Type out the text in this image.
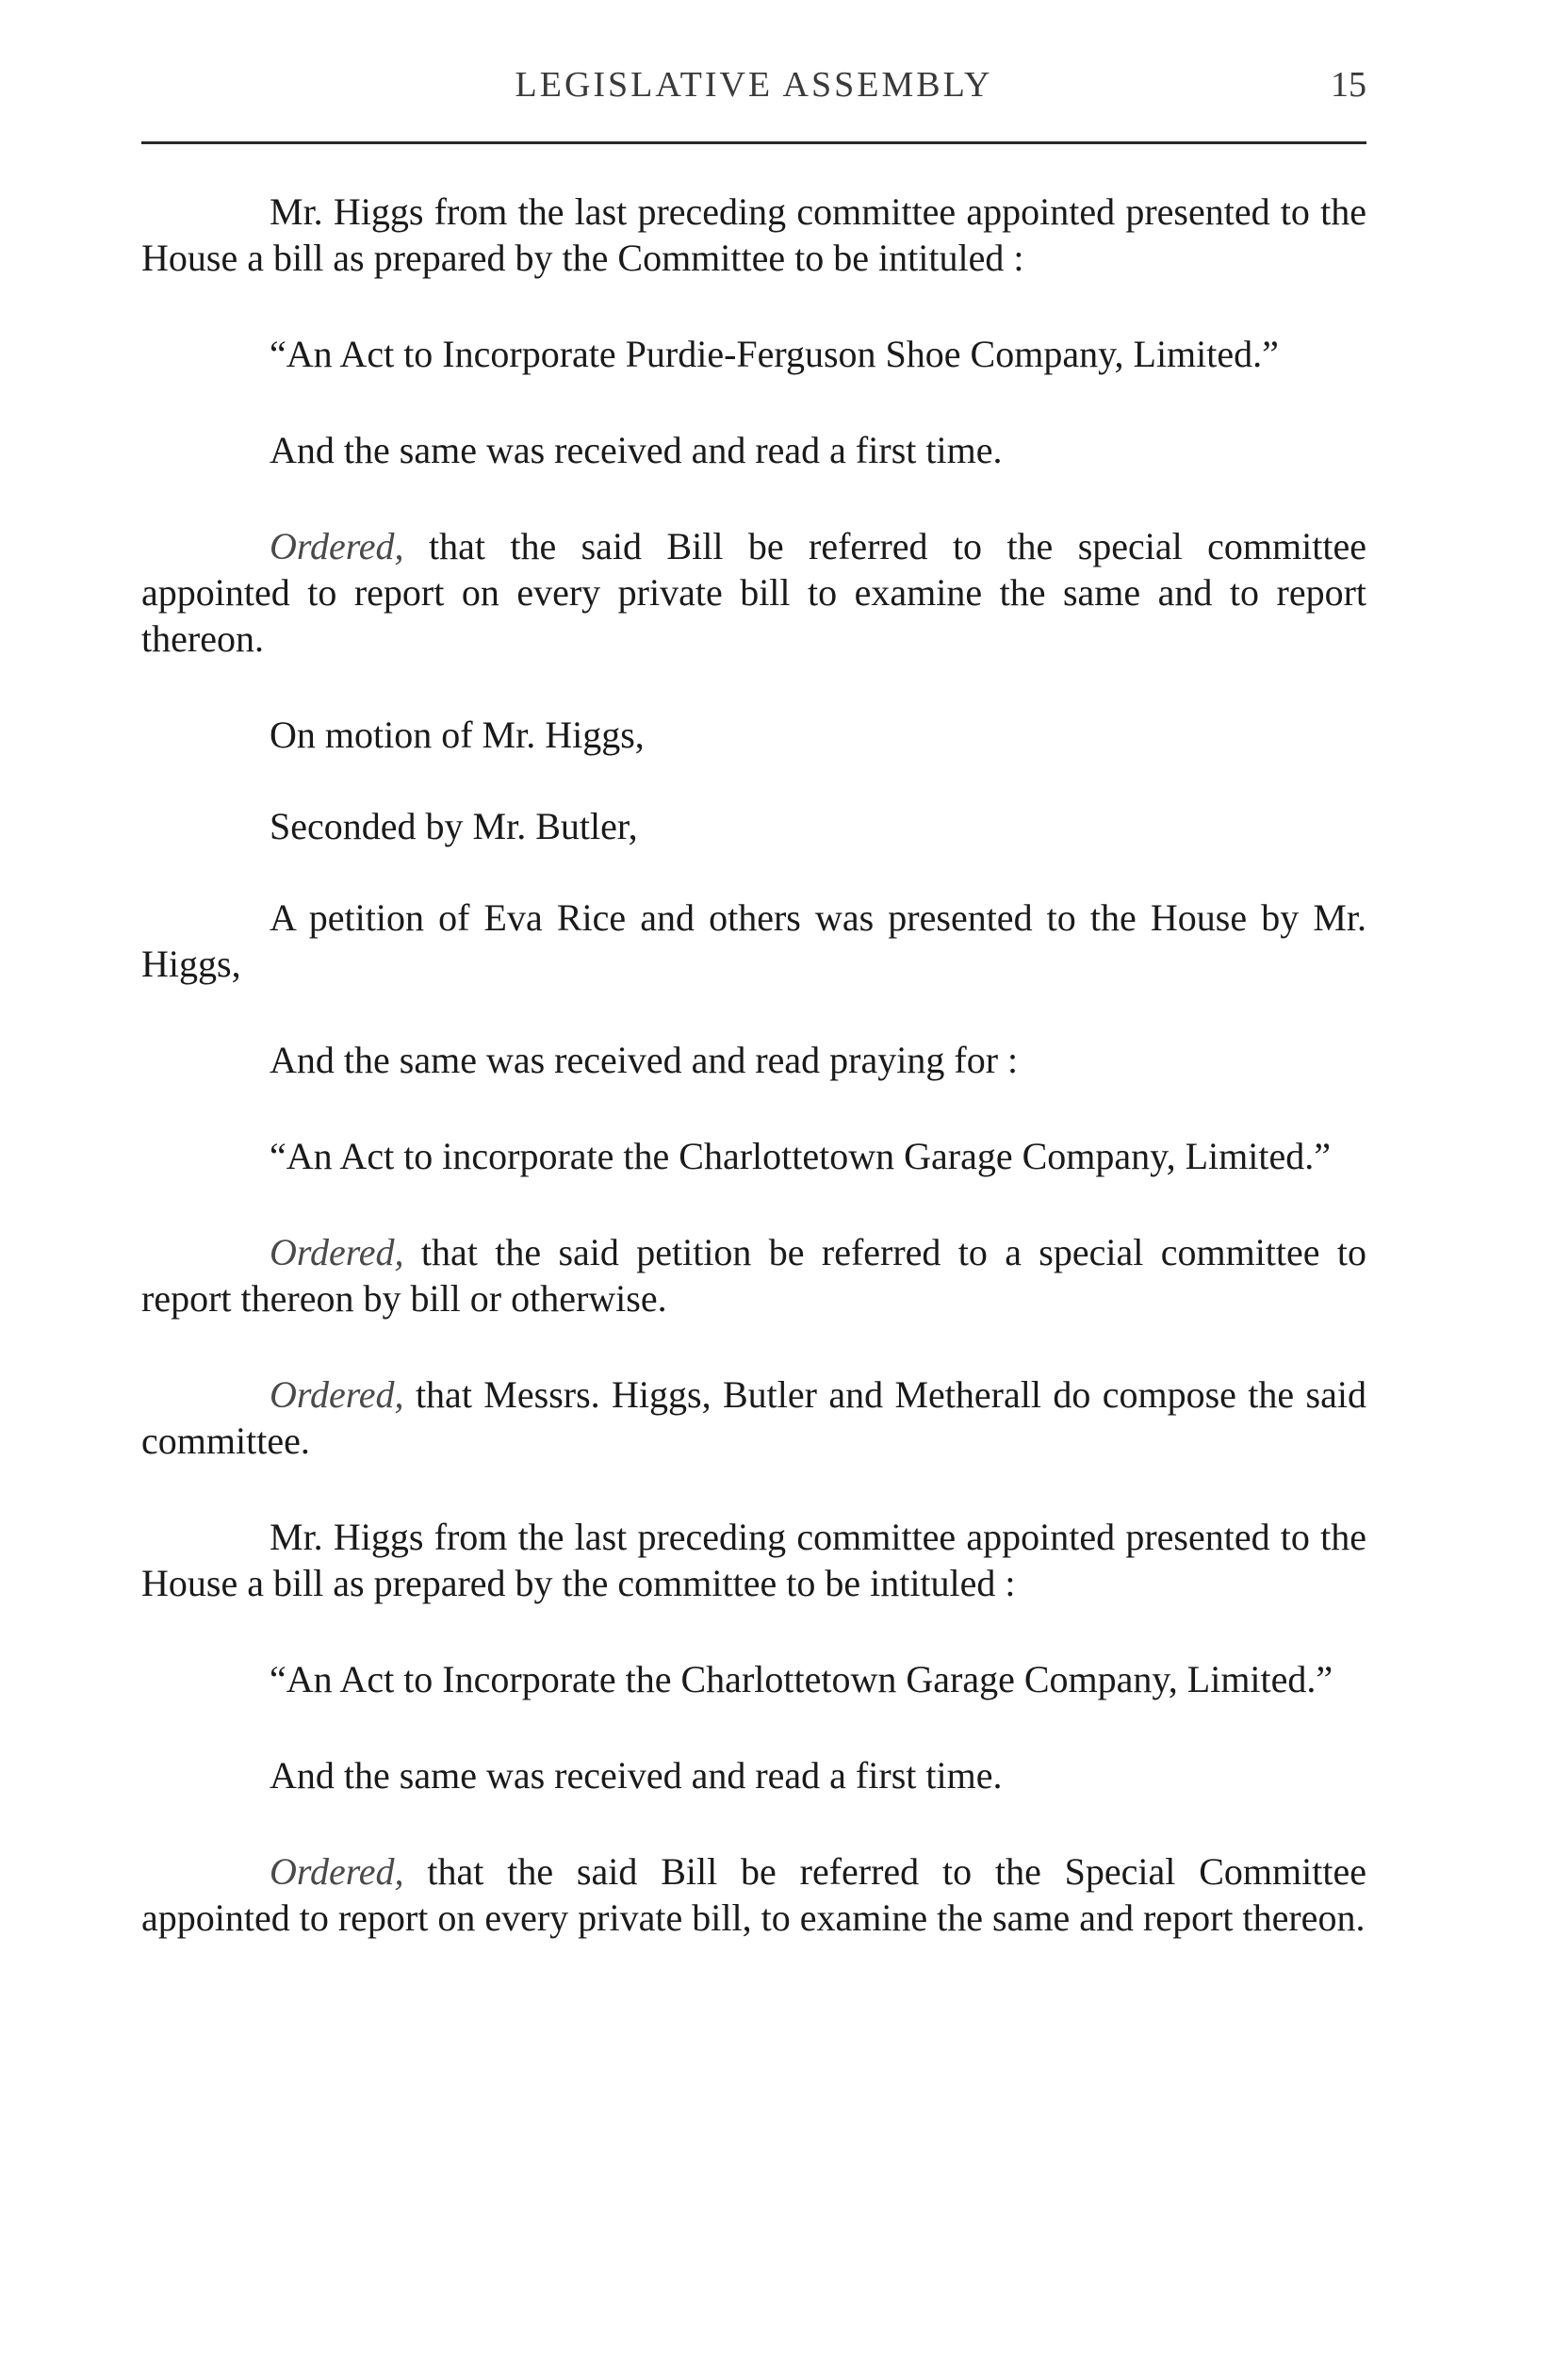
LEGISLATIVE ASSEMBLY	15

Mr. Higgs from the last preceding committee appointed presented to the House a bill as prepared by the Committee to be intituled :

“An Act to Incorporate Purdie-Ferguson Shoe Company, Limited.”

And the same was received and read a first time.

Ordered, that the said Bill be referred to the special committee appointed to report on every private bill to examine the same and to report thereon.

On motion of Mr. Higgs,

Seconded by Mr. Butler,

A petition of Eva Rice and others was presented to the House by Mr. Higgs,

And the same was received and read praying for :

“An Act to incorporate the Charlottetown Garage Company, Limited.”

Ordered, that the said petition be referred to a special committee to report thereon by bill or otherwise.

Ordered, that Messrs. Higgs, Butler and Metherall do compose the said committee.

Mr. Higgs from the last preceding committee appointed presented to the House a bill as prepared by the committee to be intituled :

“An Act to Incorporate the Charlottetown Garage Company, Limited.”

And the same was received and read a first time.

Ordered, that the said Bill be referred to the Special Committee appointed to report on every private bill, to examine the same and report thereon.
